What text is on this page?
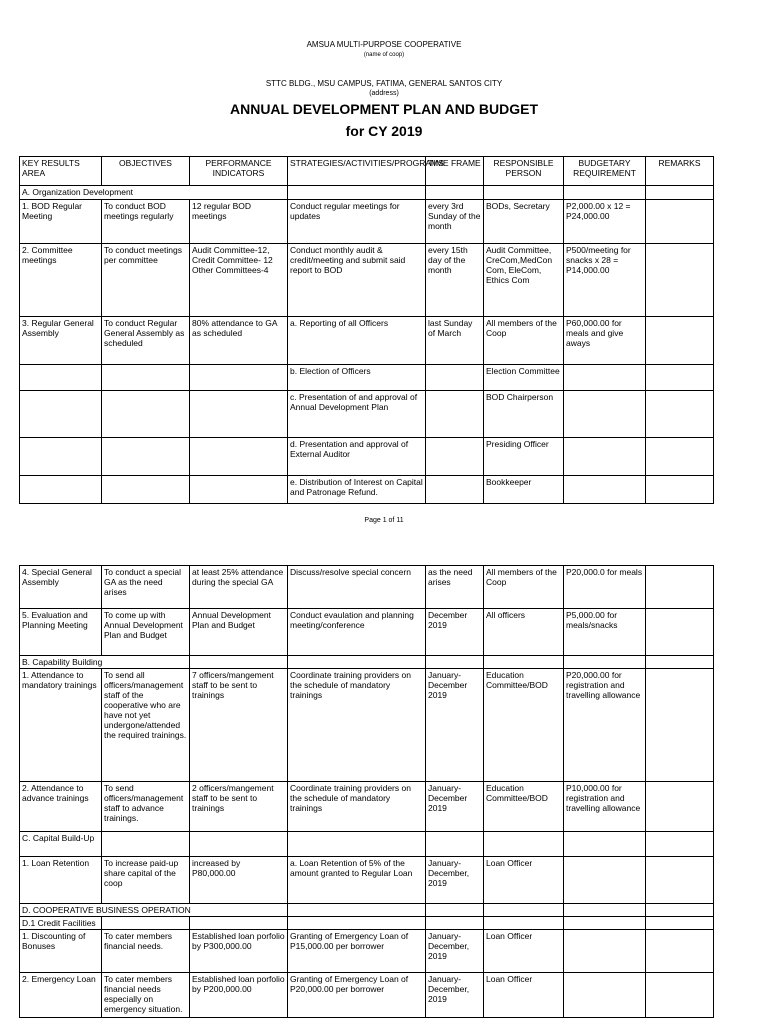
AMSUA MULTI-PURPOSE COOPERATIVE
(name of coop)
STTC BLDG., MSU CAMPUS, FATIMA, GENERAL SANTOS CITY
(address)
ANNUAL DEVELOPMENT PLAN AND BUDGET
for CY 2019
KEY RESULTS AREA	OBJECTIVES	PERFORMANCE INDICATORS	STRATEGIES/ACTIVITIES/PROGRAMS	TIME FRAME	RESPONSIBLE PERSON	BUDGETARY REQUIREMENT	REMARKS
A. Organization Development							
1. BOD Regular Meeting	To conduct BOD meetings regularly	12 regular BOD meetings	Conduct regular meetings for updates	every 3rd Sunday of the month	BODs, Secretary	P2,000.00 x 12 = P24,000.00	
2. Committee meetings	To conduct meetings per committee	Audit Committee-12, Credit Committee- 12 Other Committees-4	Conduct monthly audit & credit/meeting and submit said report to BOD	every 15th day of the month	Audit Committee, CreCom,MedCon Com, EleCom, Ethics Com	P500/meeting for snacks x 28 = P14,000.00	
3. Regular General Assembly	To conduct Regular General Assembly as scheduled	80% attendance to GA as scheduled	a. Reporting of all Officers	last Sunday of March	All members of the Coop	P60,000.00 for meals and give aways	
			b. Election of Officers		Election Committee		
			c. Presentation of and approval of Annual Development Plan		BOD Chairperson		
			d. Presentation and approval of External Auditor		Presiding Officer		
			e. Distribution of Interest on Capital and Patronage Refund.		Bookkeeper		
Page 1 of 11
4. Special General Assembly	To conduct a special GA as the need arises	at least 25% attendance during the special GA	Discuss/resolve special concern	as the need arises	All members of the Coop	P20,000.0 for meals	
5. Evaluation and Planning Meeting	To come up with Annual Development Plan and Budget	Annual Development Plan and Budget	Conduct evaulation and planning meeting/conference	December 2019	All officers	P5,000.00 for meals/snacks	
B. Capability Building							
1. Attendance to mandatory trainings	To send all officers/management staff of the cooperative who are have not yet undergone/attended the required trainings.	7 officers/mangement staff to be sent to trainings	Coordinate training providers on the schedule of mandatory trainings	January-December 2019	Education Committee/BOD	P20,000.00 for registration and travelling allowance	
2. Attendance to advance trainings	To send officers/management staff to advance trainings.	2 officers/mangement staff to be sent to trainings	Coordinate training providers on the schedule of mandatory trainings	January-December 2019	Education Committee/BOD	P10,000.00 for registration and travelling allowance	
C. Capital Build-Up							
1. Loan Retention	To increase paid-up share capital of the coop	increased by P80,000.00	a. Loan Retention of 5% of the amount granted to Regular Loan	January-December, 2019	Loan Officer		
D. COOPERATIVE BUSINESS OPERATION							
D.1 Credit Facilities							
1. Discounting of Bonuses	To cater members financial needs.	Established loan porfolio by P300,000.00	Granting of Emergency Loan of P15,000.00 per borrower	January-December, 2019	Loan Officer		
2. Emergency Loan	To cater members financial needs especially on emergency situation.	Established loan porfolio by P200,000.00	Granting of Emergency Loan of P20,000.00 per borrower	January-December, 2019	Loan Officer		
